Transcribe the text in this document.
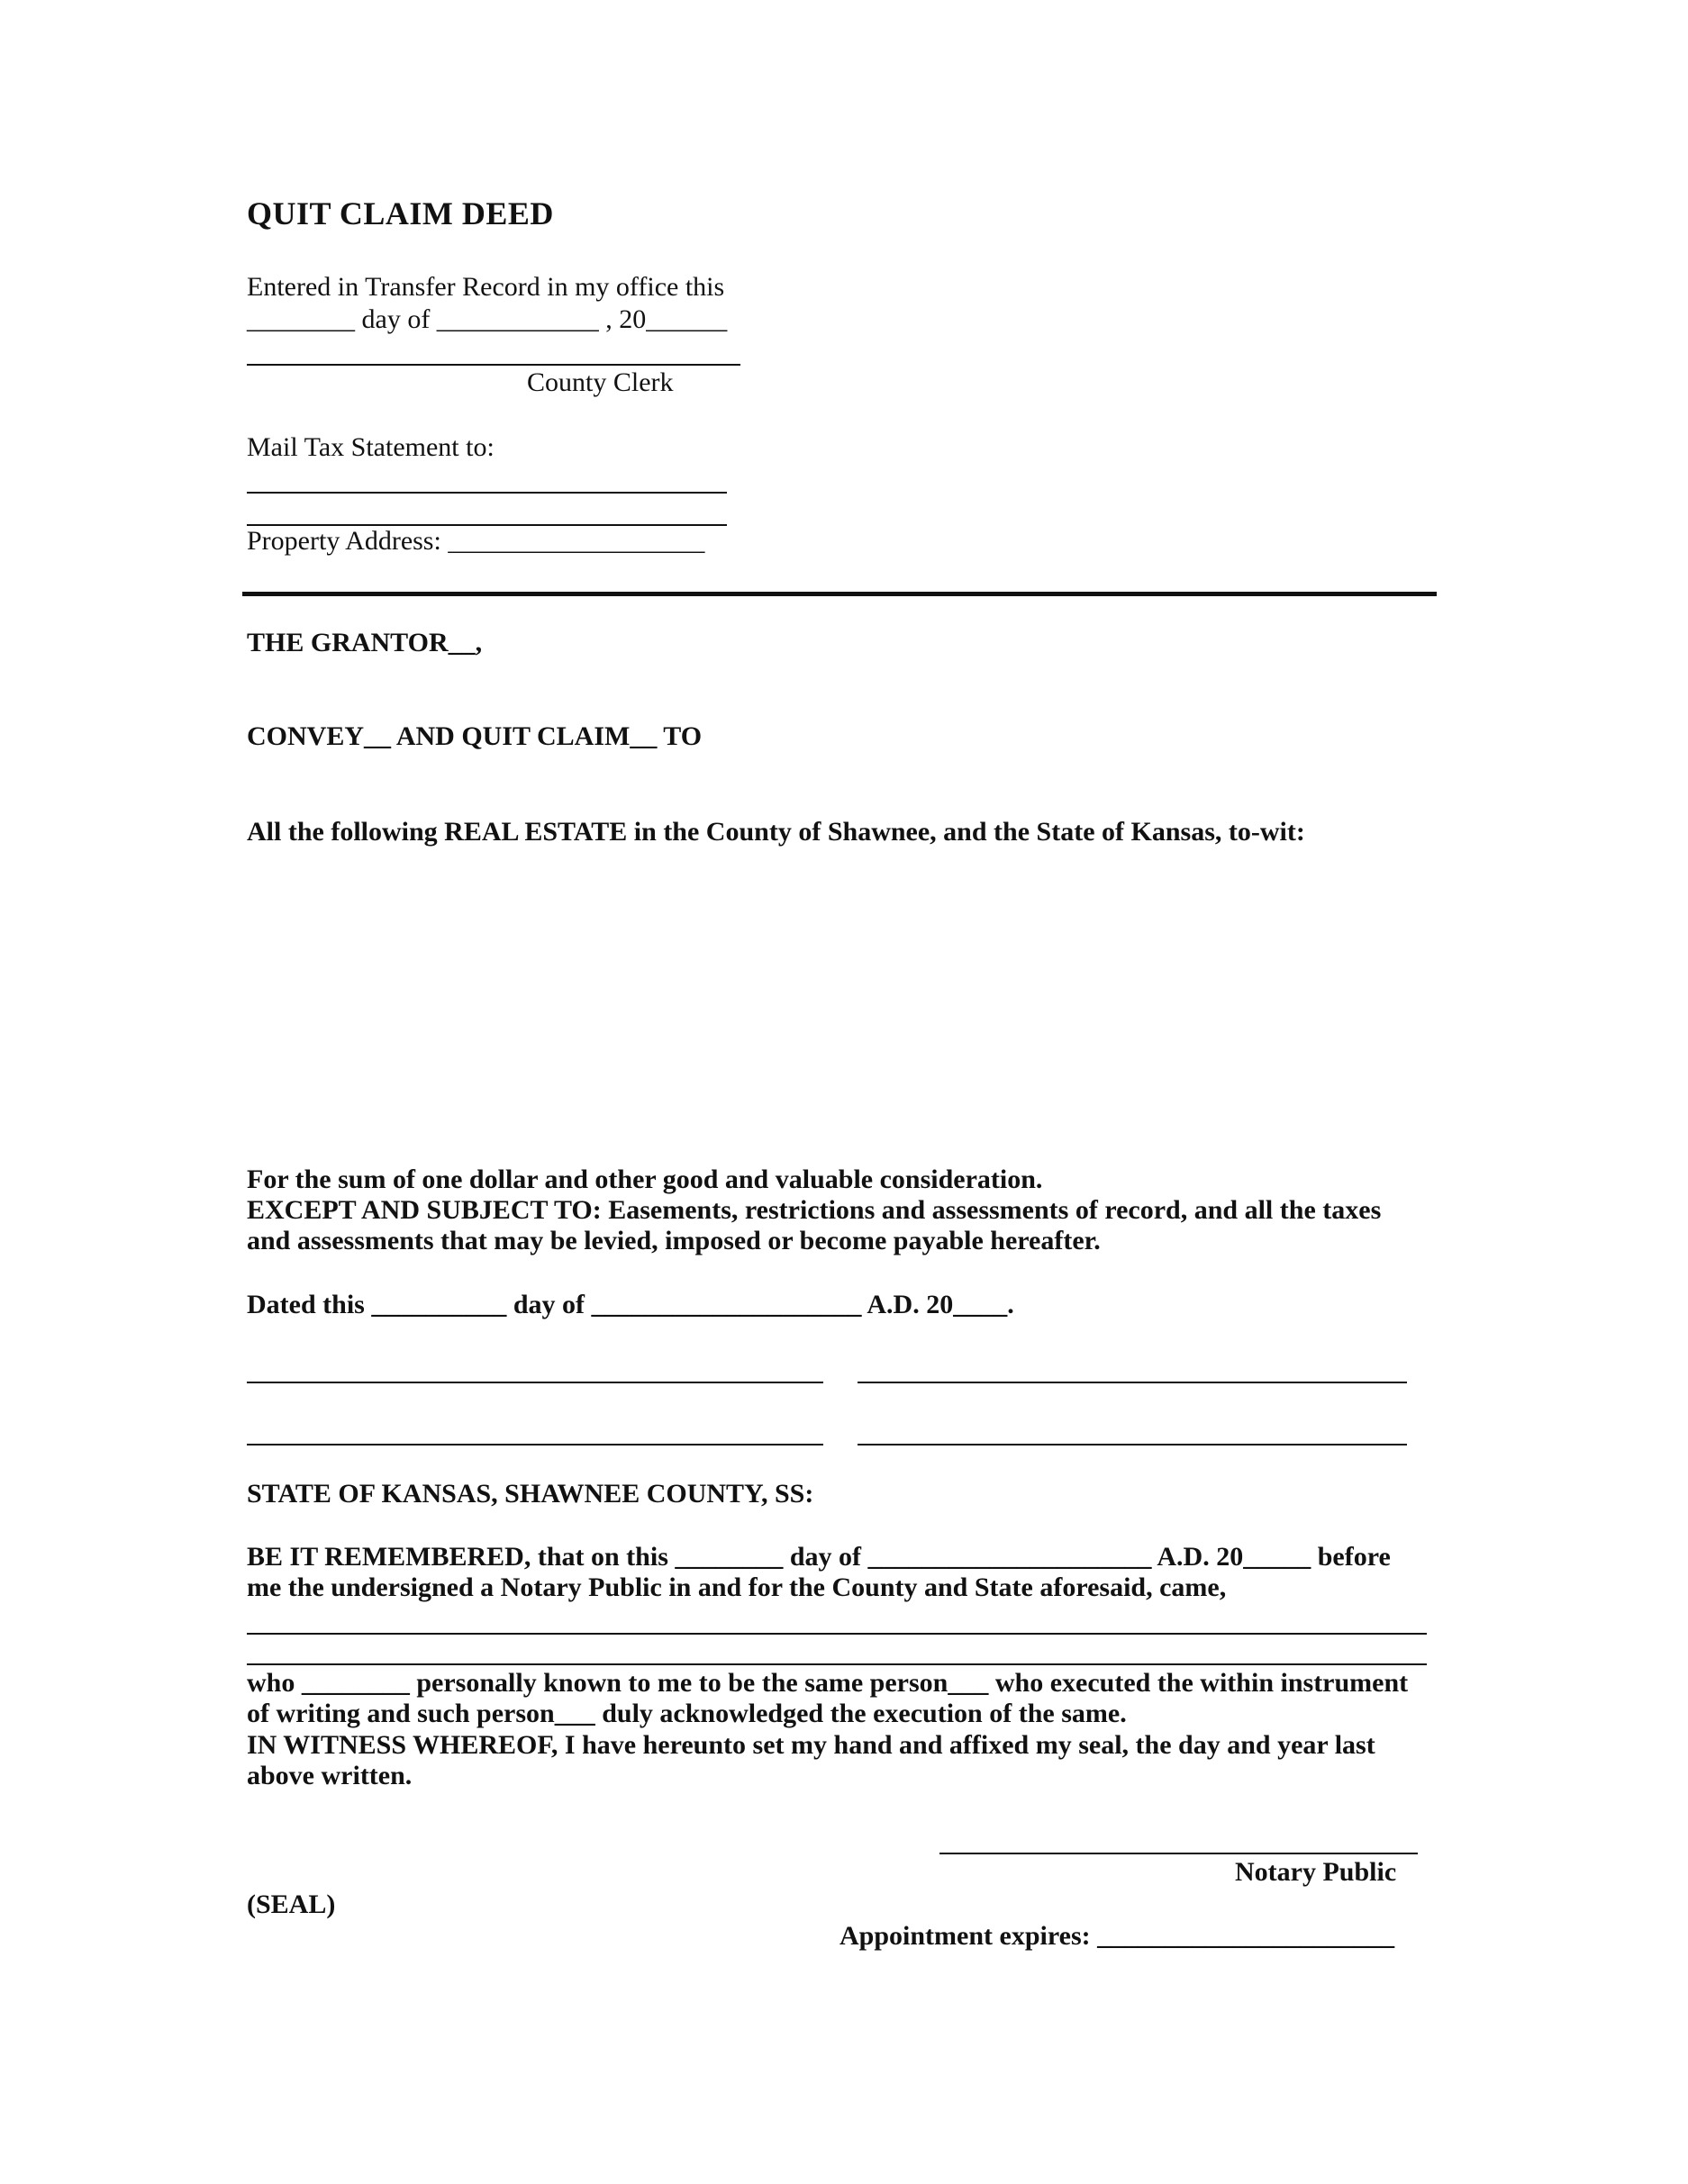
QUIT CLAIM DEED
Entered in Transfer Record in my office this
________ day of ____________ , 20______
County Clerk
Mail Tax Statement to:
Property Address: ___________________
THE GRANTOR__,
CONVEY__ AND QUIT CLAIM__ TO
All the following REAL ESTATE in the County of Shawnee, and the State of Kansas, to-wit:
For the sum of one dollar and other good and valuable consideration.
EXCEPT AND SUBJECT TO: Easements, restrictions and assessments of record, and all the taxes
and assessments that may be levied, imposed or become payable hereafter.
Dated this __________ day of ____________________ A.D. 20____.
STATE OF KANSAS, SHAWNEE COUNTY, SS:
BE IT REMEMBERED, that on this ________ day of _____________________ A.D. 20_____ before
me the undersigned a Notary Public in and for the County and State aforesaid, came,
who ________ personally known to me to be the same person___ who executed the within instrument
of writing and such person___ duly acknowledged the execution of the same.
IN WITNESS WHEREOF, I have hereunto set my hand and affixed my seal, the day and year last
above written.
Notary Public
(SEAL)
Appointment expires: ______________________
